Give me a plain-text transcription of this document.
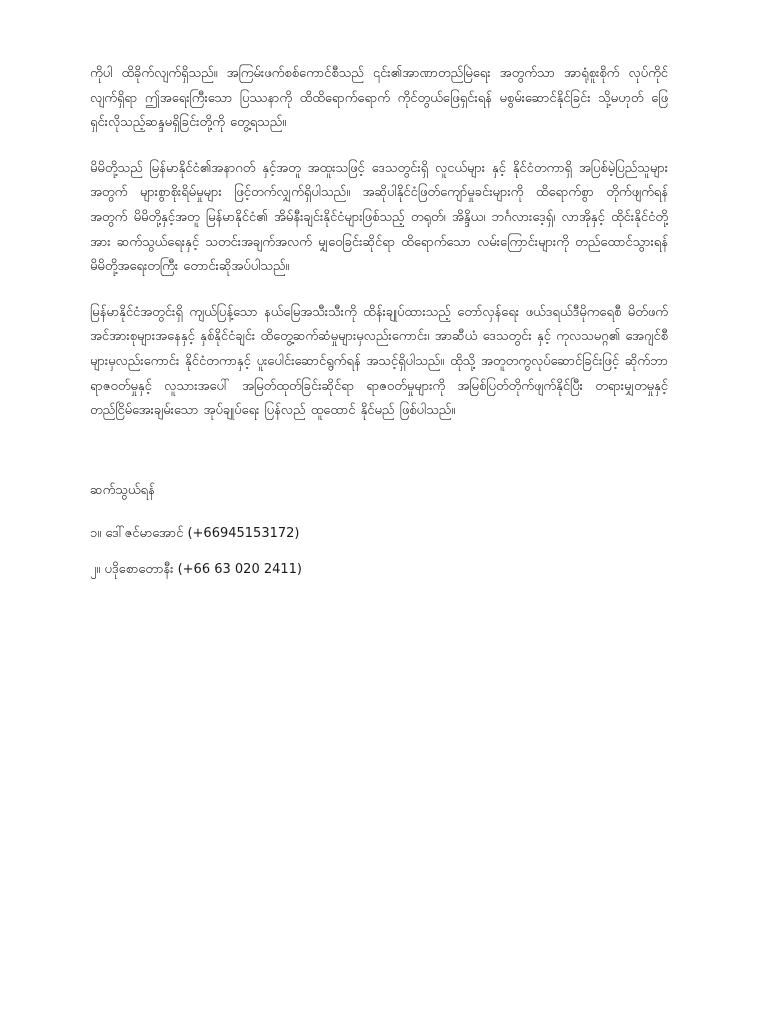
ကိုပါ ထိခိုက်လျက်ရှိသည်။ အကြမ်းဖက်စစ်ကောင်စီသည် ၎င်း၏အာဏာတည်မြဲရေး အတွက်သာ အာရုံစူးစိုက် လုပ်ကိုင်လျက်ရှိရာ ဤအရေးကြီးသော ပြဿနာကို ထိထိရောက်ရောက် ကိုင်တွယ်ဖြေရှင်းရန် မစွမ်းဆောင်နိုင်ခြင်း သို့မဟုတ် ဖြေရှင်းလိုသည့်ဆန္ဒမရှိခြင်းတို့ကို တွေ့ရသည်။

မိမိတို့သည် မြန်မာနိုင်ငံ၏အနာဂတ် နှင့်အတူ အထူးသဖြင့် ဒေသတွင်းရှိ လူငယ်များ နှင့် နိုင်ငံတကာရှိ အပြစ်မဲ့ပြည်သူများအတွက် များစွာစိုးရိမ်မှုများ ဖြင့်တက်လျှက်ရှိပါသည်။ အဆိုပါနိုင်ငံဖြတ်ကျော်မှုခင်းများကို ထိရောက်စွာ တိုက်ဖျက်ရန်အတွက် မိမိတို့နှင့်အတူ မြန်မာနိုင်ငံ၏ အိမ်နီးချင်းနိုင်ငံများဖြစ်သည့် တရုတ်၊ အိန္ဒိယ၊ ဘင်္ဂလားဒေ့ရှ်၊ လာအိုနှင့် ထိုင်းနိုင်ငံတို့အား ဆက်သွယ်ရေးနှင့် သတင်းအချက်အလက် မျှဝေခြင်းဆိုင်ရာ ထိရောက်သော လမ်းကြောင်းများကို တည်ထောင်သွားရန် မိမိတို့အရေးတကြီး တောင်းဆိုအပ်ပါသည်။

မြန်မာနိုင်ငံအတွင်းရှိ ကျယ်ပြန့်သော နယ်မြေအသီးသီးကို ထိန်းချုပ်ထားသည့် တော်လှန်ရေး ဖယ်ဒရယ်ဒီမိုကရေစီ မိတ်ဖက်အင်အားစုများအနေနှင့် နှစ်နိုင်ငံချင်း ထိတွေ့ဆက်ဆံမှုများမှလည်းကောင်း၊ အာဆီယံ ဒေသတွင်း နှင့် ကုလသမဂ္ဂ၏ အေဂျင်စီများမှလည်းကောင်း နိုင်ငံတကာနှင့် ပူးပေါင်းဆောင်ရွက်ရန် အသင့်ရှိပါသည်။ ထိုသို့ အတူတကွလုပ်ဆောင်ခြင်းဖြင့် ဆိုက်ဘာရာဇဝတ်မှုနှင့် လူသားအပေါ် အမြတ်ထုတ်ခြင်းဆိုင်ရာ ရာဇဝတ်မှုများကို အမြစ်ပြတ်တိုက်ဖျက်နိုင်ပြီး တရားမျှတမှုနှင့် တည်ငြိမ်အေးချမ်းသော အုပ်ချုပ်ရေး ပြန်လည် ထူထောင် နိုင်မည် ဖြစ်ပါသည်။

ဆက်သွယ်ရန်
၁။ ဒေါ်ဇင်မာအောင် (+66945153172)
၂။ ပဒိုစောတောနီး (+66 63 020 2411)
